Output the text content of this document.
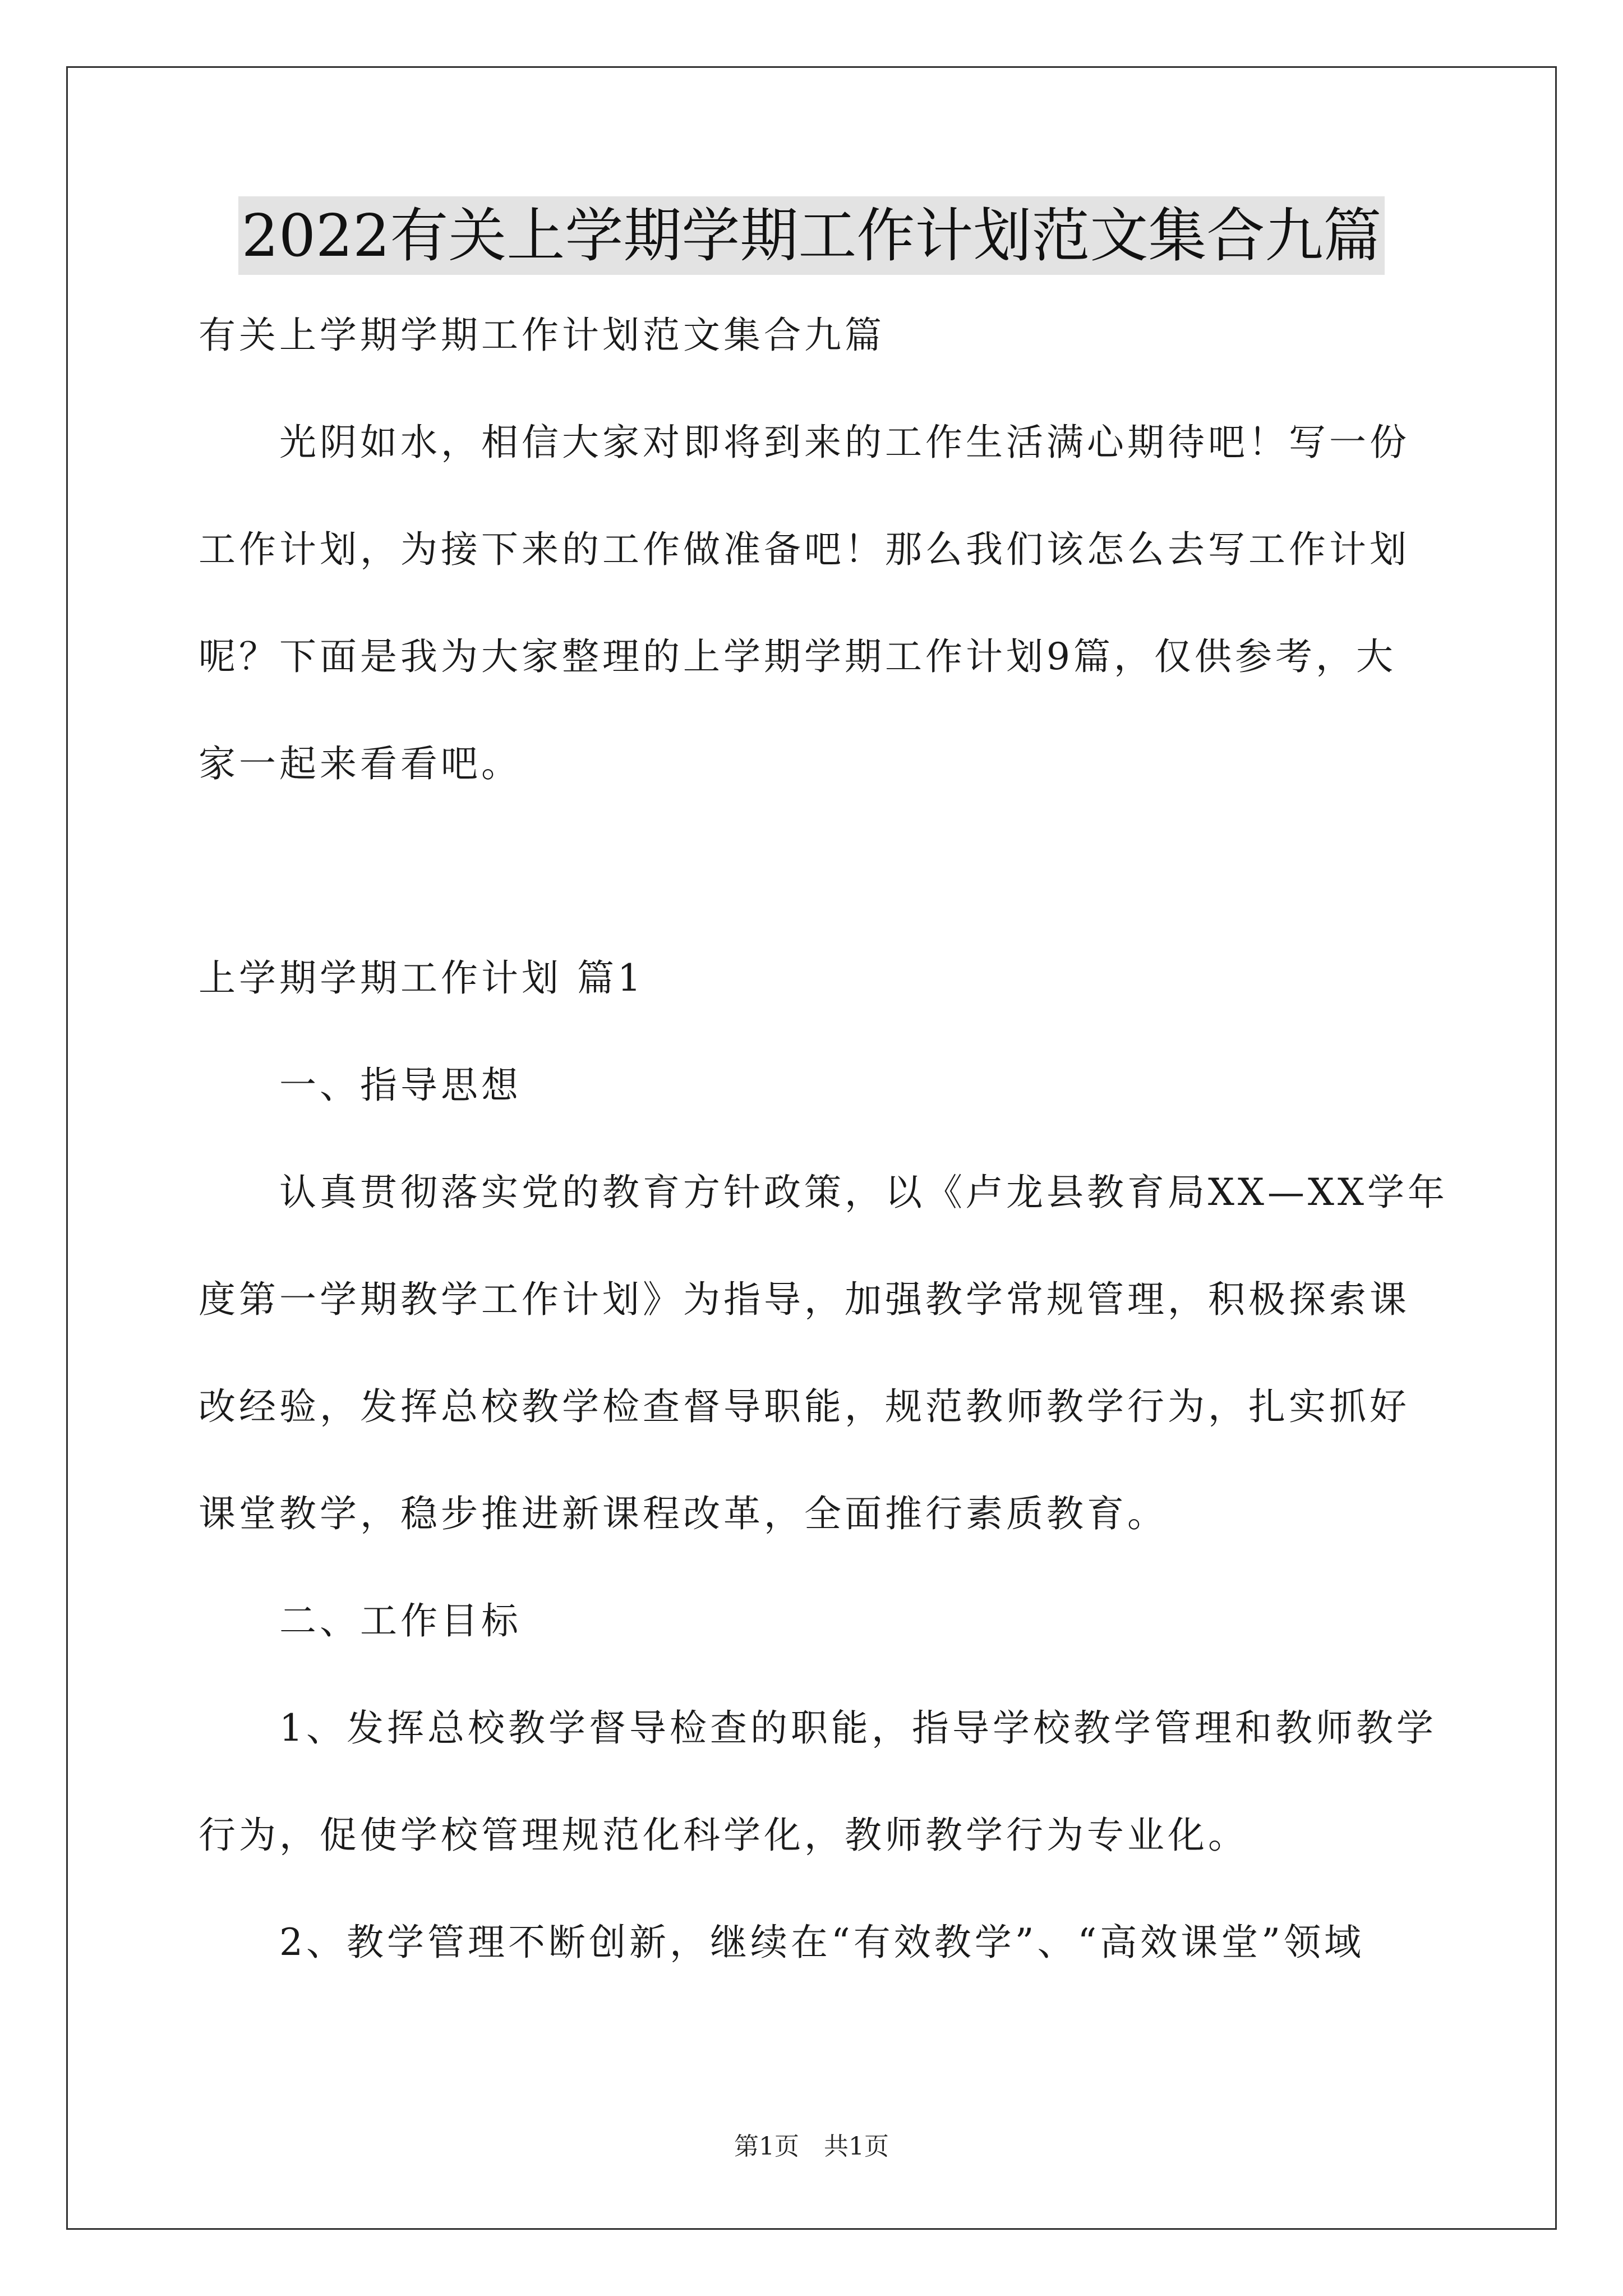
2022有关上学期学期工作计划范文集合九篇
有关上学期学期工作计划范文集合九篇
光阴如水，相信大家对即将到来的工作生活满心期待吧！写一份
工作计划，为接下来的工作做准备吧！那么我们该怎么去写工作计划
呢？下面是我为大家整理的上学期学期工作计划9篇，仅供参考，大
家一起来看看吧。
上学期学期工作计划 篇1
一、指导思想
认真贯彻落实党的教育方针政策，以《卢龙县教育局XX—XX学年
度第一学期教学工作计划》为指导，加强教学常规管理，积极探索课
改经验，发挥总校教学检查督导职能，规范教师教学行为，扎实抓好
课堂教学，稳步推进新课程改革，全面推行素质教育。
二、工作目标
1、发挥总校教学督导检查的职能，指导学校教学管理和教师教学
行为，促使学校管理规范化科学化，教师教学行为专业化。
2、教学管理不断创新，继续在“有效教学”、“高效课堂”领域
第1页　共1页
